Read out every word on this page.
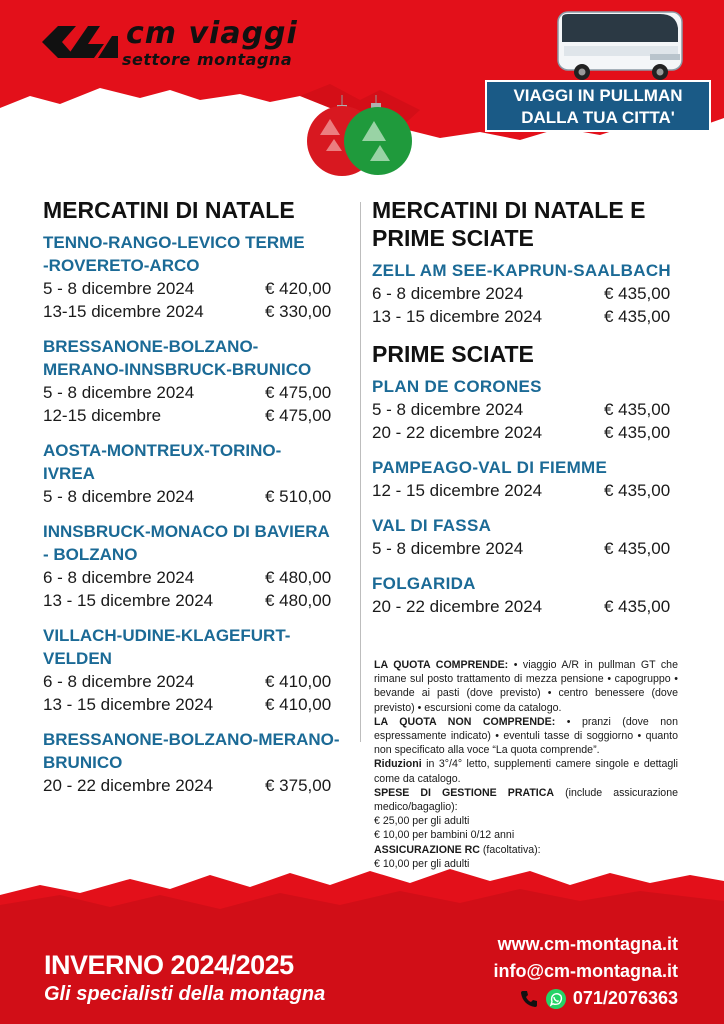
cm viaggi
settore montagna
VIAGGI IN PULLMAN
DALLA TUA CITTA'
MERCATINI DI NATALE
TENNO-RANGO-LEVICO TERME
-ROVERETO-ARCO
5 - 8 dicembre 2024	€ 420,00
13-15 dicembre 2024	€ 330,00
BRESSANONE-BOLZANO-
MERANO-INNSBRUCK-BRUNICO
5 - 8 dicembre 2024	€ 475,00
12-15 dicembre	€ 475,00
AOSTA-MONTREUX-TORINO-
IVREA
5 - 8 dicembre 2024	€ 510,00
INNSBRUCK-MONACO DI BAVIERA
- BOLZANO
6 - 8 dicembre 2024	€ 480,00
13 - 15 dicembre 2024	€ 480,00
VILLACH-UDINE-KLAGEFURT-
VELDEN
6 - 8 dicembre 2024	€ 410,00
13 - 15 dicembre 2024	€ 410,00
BRESSANONE-BOLZANO-MERANO-
BRUNICO
20 - 22 dicembre 2024	€ 375,00
MERCATINI DI NATALE E
PRIME SCIATE
ZELL AM SEE-KAPRUN-SAALBACH
6 - 8 dicembre 2024	€ 435,00
13 - 15 dicembre 2024	€ 435,00
PRIME SCIATE
PLAN DE CORONES
5 - 8 dicembre 2024	€ 435,00
20 - 22 dicembre 2024	€ 435,00
PAMPEAGO-VAL DI FIEMME
12 - 15 dicembre 2024	€ 435,00
VAL DI FASSA
5 - 8 dicembre 2024	€ 435,00
FOLGARIDA
20 - 22 dicembre 2024	€ 435,00
LA QUOTA COMPRENDE: • viaggio A/R in pullman GT che rimane sul posto trattamento di mezza pensione • capogruppo • bevande ai pasti (dove previsto) • centro benessere (dove previsto) • escursioni come da catalogo.
LA QUOTA NON COMPRENDE: • pranzi (dove non espressamente indicato) • eventuli tasse di soggiorno • quanto non specificato alla voce “La quota comprende”.
Riduzioni in 3°/4° letto, supplementi camere singole e dettagli come da catalogo.
SPESE DI GESTIONE PRATICA (include assicurazione medico/bagaglio):
€ 25,00 per gli adulti
€ 10,00 per bambini 0/12 anni
ASSICURAZIONE RC (facoltativa):
€ 10,00 per gli adulti
INVERNO 2024/2025
Gli specialisti della montagna
www.cm-montagna.it
info@cm-montagna.it
071/2076363
